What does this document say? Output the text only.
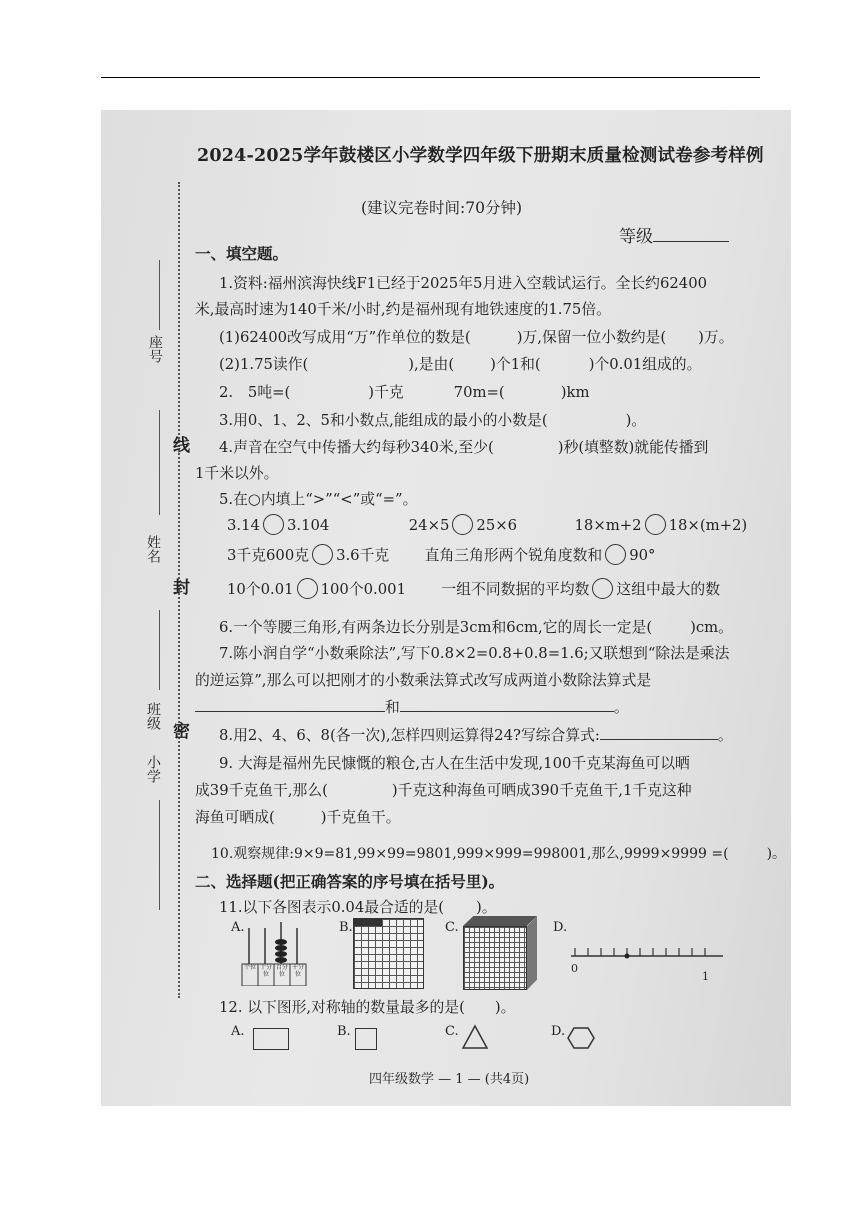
座号
线
姓名
封
班级
密
小学
2024-2025学年鼓楼区小学数学四年级下册期末质量检测试卷参考样例
(建议完卷时间:70分钟)
等级
一、填空题。
1.资料:福州滨海快线F1已经于2025年5月进入空载试运行。全长约62400
米,最高时速为140千米/小时,约是福州现有地铁速度的1.75倍。
(1)62400改写成用“万”作单位的数是(	)万,保留一位小数约是( )万。
(2)1.75读作(	),是由( )个1和(	)个0.01组成的。
2.　5吨=(	)千克	70m=(	)km
3.用0、1、2、5和小数点,能组成的最小的小数是(	)。
4.声音在空气中传播大约每秒340米,至少(	)秒(填整数)就能传播到
1千米以外。
5.在○内填上“>”“<”或“=”。
3.14 3.104	24×5 25×6	18×m+2 18×(m+2)
3千克600克 3.6千克 直角三角形两个锐角度数和 90°
10个0.01 100个0.001 一组不同数据的平均数 这组中最大的数
6.一个等腰三角形,有两条边长分别是3cm和6cm,它的周长一定是(	)cm。
7.陈小润自学“小数乘除法”,写下0.8×2=0.8+0.8=1.6;又联想到“除法是乘法
的逆运算”,那么可以把刚才的小数乘法算式改写成两道小数除法算式是
和	。
8.用2、4、6、8(各一次),怎样四则运算得24?写综合算式:	。
9. 大海是福州先民慷慨的粮仓,古人在生活中发现,100千克某海鱼可以晒
成39千克鱼干,那么(	)千克这种海鱼可晒成390千克鱼干,1千克这种
海鱼可晒成(	)千克鱼干。
10.观察规律:9×9=81,99×99=9801,999×999=998001,那么,9999×9999 =(	)。
二、选择题(把正确答案的序号填在括号里)。
11.以下各图表示0.04最合适的是( )。
A.
个位 十分位
百分位
千分位
B.	C.	D.
0
1
12. 以下图形,对称轴的数量最多的是( )。
A.	B.	C.	D.
四年级数学 — 1 — (共4页)
